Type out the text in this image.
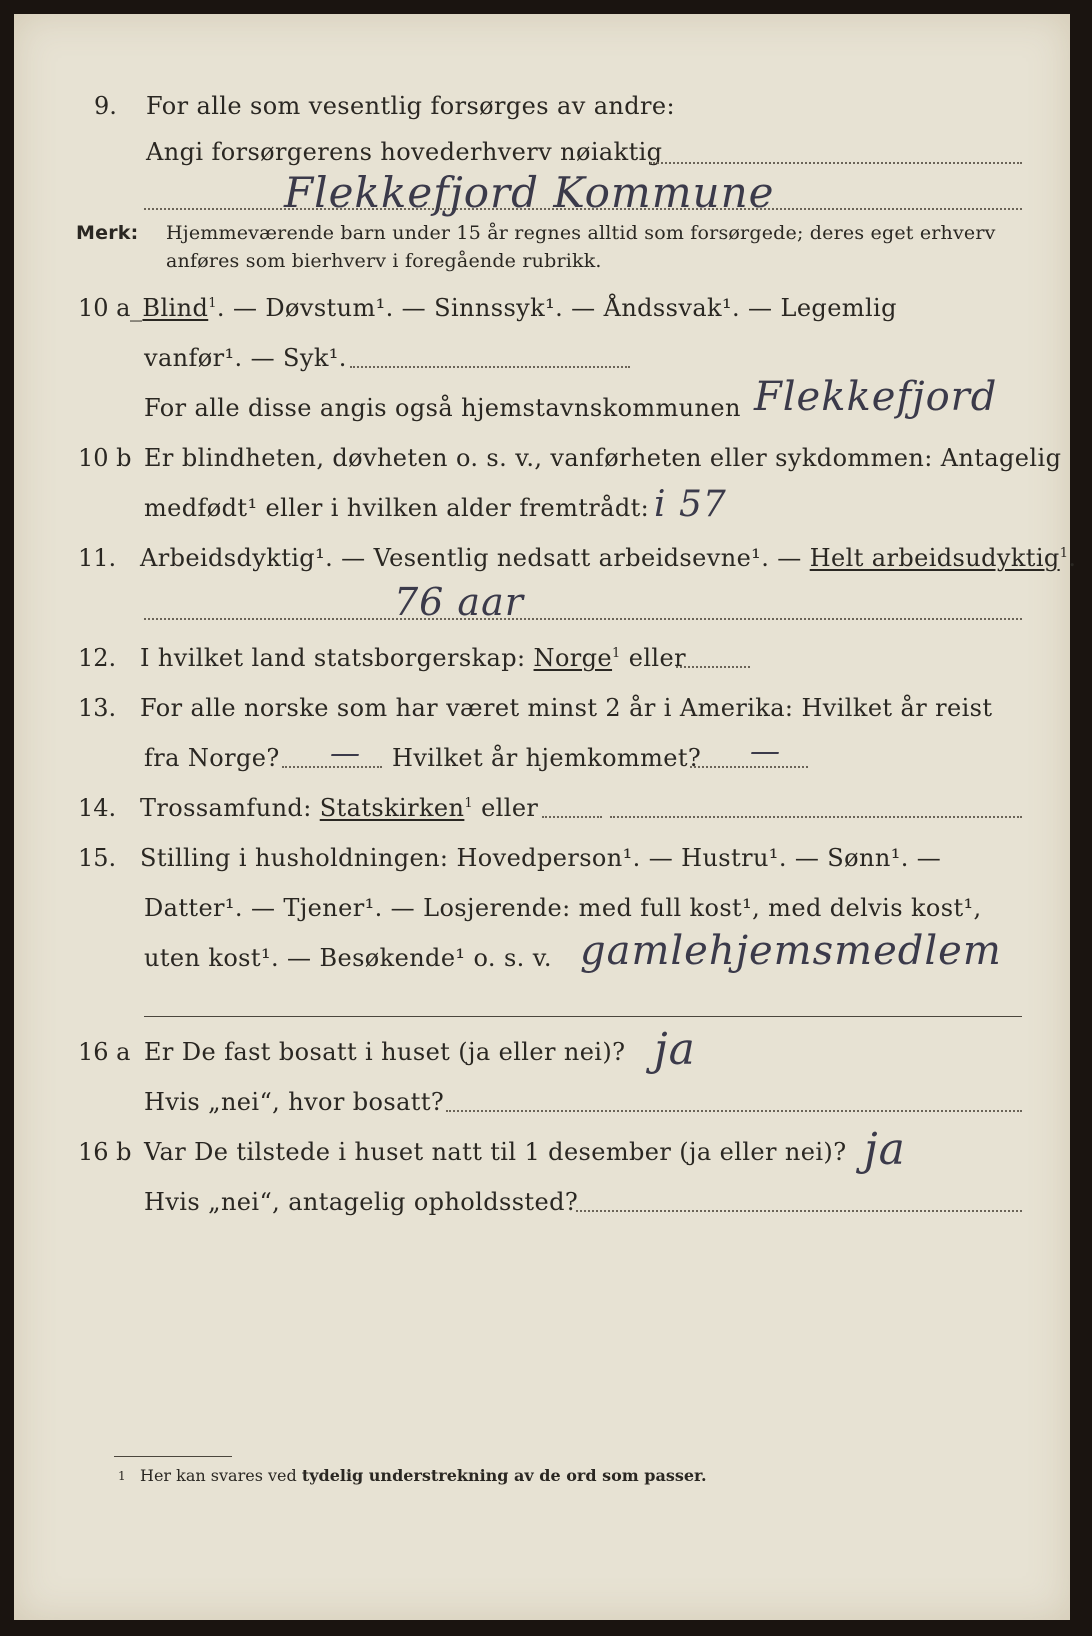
9. For alle som vesentlig forsørges av andre:
Angi forsørgerens hovederhverv nøiaktig
Flekkefjord Kommune
Merk: Hjemmeværende barn under 15 år regnes alltid som forsørgede; deres eget erhverv
anføres som bierhverv i foregående rubrikk.
10 a _Blind$^1$. — Døvstum¹. — Sinnssyk¹. — Åndssvak¹. — Legemlig
vanfør¹. — Syk¹.
For alle disse angis også hjemstavnskommunen Flekkefjord
10 b Er blindheten, døvheten o. s. v., vanførheten eller sykdommen: Antagelig
medfødt¹ eller i hvilken alder fremtrådt: i 57
11. Arbeidsdyktig¹. — Vesentlig nedsatt arbeidsevne¹. — Helt arbeidsudyktig$^1$.
76 aar
12. I hvilket land statsborgerskap: Norge$^1$ eller
13. For alle norske som har været minst 2 år i Amerika: Hvilket år reist
fra Norge? — Hvilket år hjemkommet? —
14. Trossamfund: Statskirken$^1$ eller
15. Stilling i husholdningen: Hovedperson¹. — Hustru¹. — Sønn¹. —
Datter¹. — Tjener¹. — Losjerende: med full kost¹, med delvis kost¹,
uten kost¹. — Besøkende¹ o. s. v. gamlehjemsmedlem
16 a Er De fast bosatt i huset (ja eller nei)? ja
Hvis „nei“, hvor bosatt?
16 b Var De tilstede i huset natt til 1 desember (ja eller nei)? ja
Hvis „nei“, antagelig opholdssted?
1 Her kan svares ved tydelig understrekning av de ord som passer.
